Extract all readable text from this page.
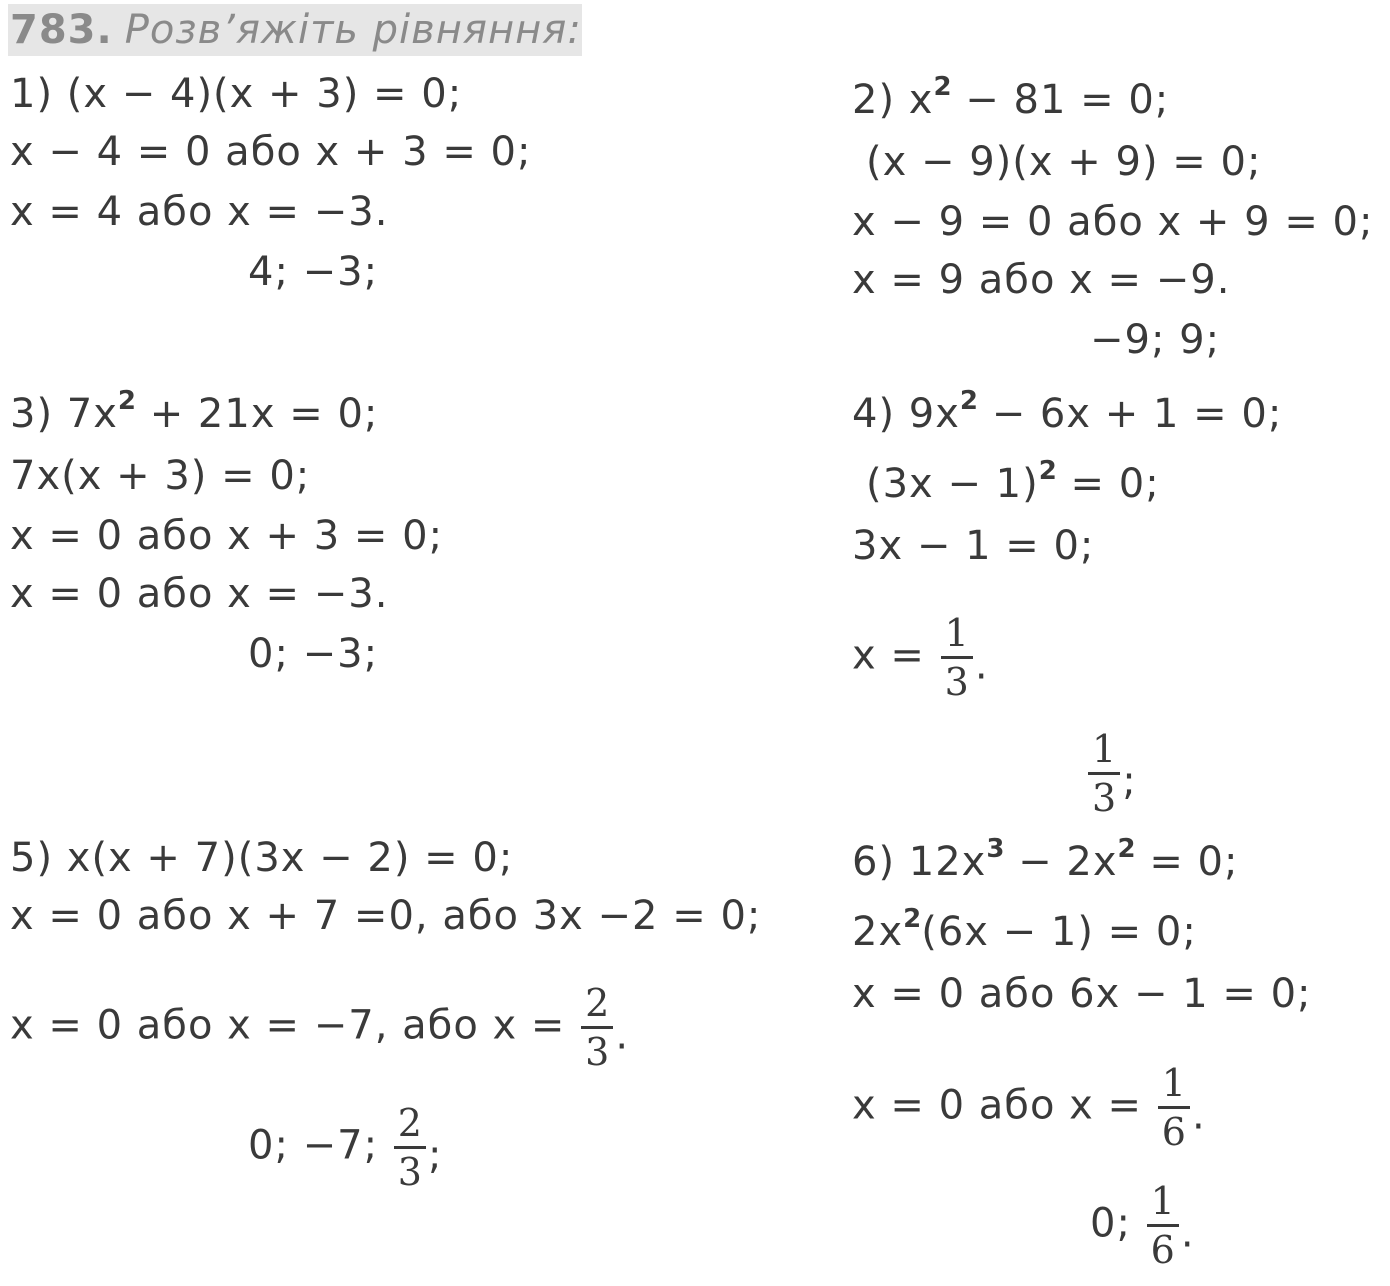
783. Розв’яжіть рівняння:
1) (x − 4)(x + 3) = 0;
x − 4 = 0 або x + 3 = 0;
x = 4 або x = −3.
4; −3;
2) $x^2 - 81 = 0$;
(x − 9)(x + 9) = 0;
x − 9 = 0 або x + 9 = 0;
x = 9 або x = −9.
−9; 9;
3) $7x^2 + 21x = 0$;
7x(x + 3) = 0;
x = 0 або x + 3 = 0;
x = 0 або x = −3.
0; −3;
4) $9x^2 - 6x + 1 = 0$;
$(3x - 1)^2 = 0$;
3x − 1 = 0;
$x = \frac{1}{3}$ .
$\frac{1}{3}$ ;
5) x(x + 7)(3x − 2) = 0;
x = 0 або x + 7 =0, або 3x −2 = 0;
x = 0 або x = −7, або $x = \frac{2}{3}$ .
0; −7; $\frac{2}{3}$ ;
6) $12x^3 - 2x^2 = 0$;
$2x^2(6x - 1) = 0$;
x = 0 або 6x − 1 = 0;
x = 0 або $x = \frac{1}{6}$ .
0; $\frac{1}{6}$ .
